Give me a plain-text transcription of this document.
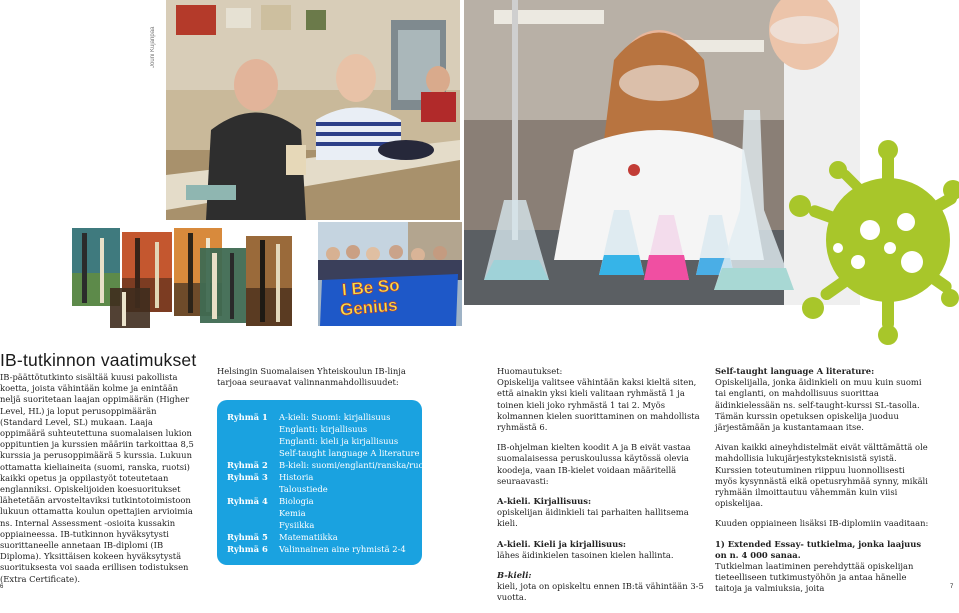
Jouni Kujanpää
I Be So
Genius
IB-tutkinnon vaatimukset

IB-päättötutkinto sisältää kuusi pakollista koetta, joista vähintään kolme ja enintään neljä suoritetaan laajan oppimäärän (Higher Level, HL) ja loput perusoppimäärän (Standard Level, SL) mukaan. Laaja oppimäärä suhteutettuna suomalaisen lukion oppituntien ja kurssien määriin tarkoittaa 8,5 kurssia ja perusoppimäärä 5 kurssia. Lukuun ottamatta kieliaineita (suomi, ranska, ruotsi) kaikki opetus ja oppilastyöt toteutetaan englanniksi. Opiskelijoiden koesuoritukset lähetetään arvosteltaviksi tutkintotoimistoon lukuun ottamatta koulun opettajien arvioimia ns. Internal Assessment -osioita kussakin oppiaineessa. IB-tutkinnon hyväksytysti suorittaneelle annetaan IB-diplomi (IB Diploma). Yksittäisen kokeen hyväksytystä suorituksesta voi saada erillisen todistuksen (Extra Certificate).

Helsingin Suomalaisen Yhteiskoulun IB-linja tarjoaa seuraavat valinnanmahdollisuudet:

Ryhmä 1 A-kieli: Suomi: kirjallisuus
Englanti: kirjallisuus
Englanti: kieli ja kirjallisuus
Self-taught language A literature
Ryhmä 2 B-kieli: suomi/englanti/ranska/ruotsi
Ryhmä 3 Historia
Taloustiede
Ryhmä 4 Biologia
Kemia
Fysiikka
Ryhmä 5 Matematiikka
Ryhmä 6 Valinnainen aine ryhmistä 2-4

Huomautukset:
Opiskelija valitsee vähintään kaksi kieltä siten, että ainakin yksi kieli valitaan ryhmästä 1 ja toinen kieli joko ryhmästä 1 tai 2. Myös kolmannen kielen suorittaminen on mahdollista ryhmästä 6.

IB-ohjelman kielten koodit A ja B eivät vastaa suomalaisessa peruskoulussa käytössä olevia koodeja, vaan IB-kielet voidaan määritellä seuraavasti:

A-kieli. Kirjallisuus:
opiskelijan äidinkieli tai parhaiten hallitsema kieli.

A-kieli. Kieli ja kirjallisuus:
lähes äidinkielen tasoinen kielen hallinta.

B-kieli:
kieli, jota on opiskeltu ennen IB:tä vähintään 3-5 vuotta.

Self-taught language A literature:
Opiskelijalla, jonka äidinkieli on muu kuin suomi tai englanti, on mahdollisuus suorittaa äidinkielessään ns. self-taught-kurssi SL-tasolla. Tämän kurssin opetuksen opiskelija juoduu järjestämään ja kustantamaan itse.

Aivan kaikki aineyhdistelmät eivät välttämättä ole mahdollisia lukujärjestyksteknisistä syistä. Kurssien toteutuminen riippuu luonnollisesti myös kysynnästä eikä opetusryhmää synny, mikäli ryhmään ilmoittautuu vähemmän kuin viisi opiskelijaa.

Kuuden oppiaineen lisäksi IB-diplomiin vaaditaan:

1) Extended Essay- tutkielma, jonka laajuus on n. 4 000 sanaa.
Tutkielman laatiminen perehdyttää opiskelijan tieteelliseen tutkimustyöhön ja antaa hänelle taitoja ja valmiuksia, joita

6	7
